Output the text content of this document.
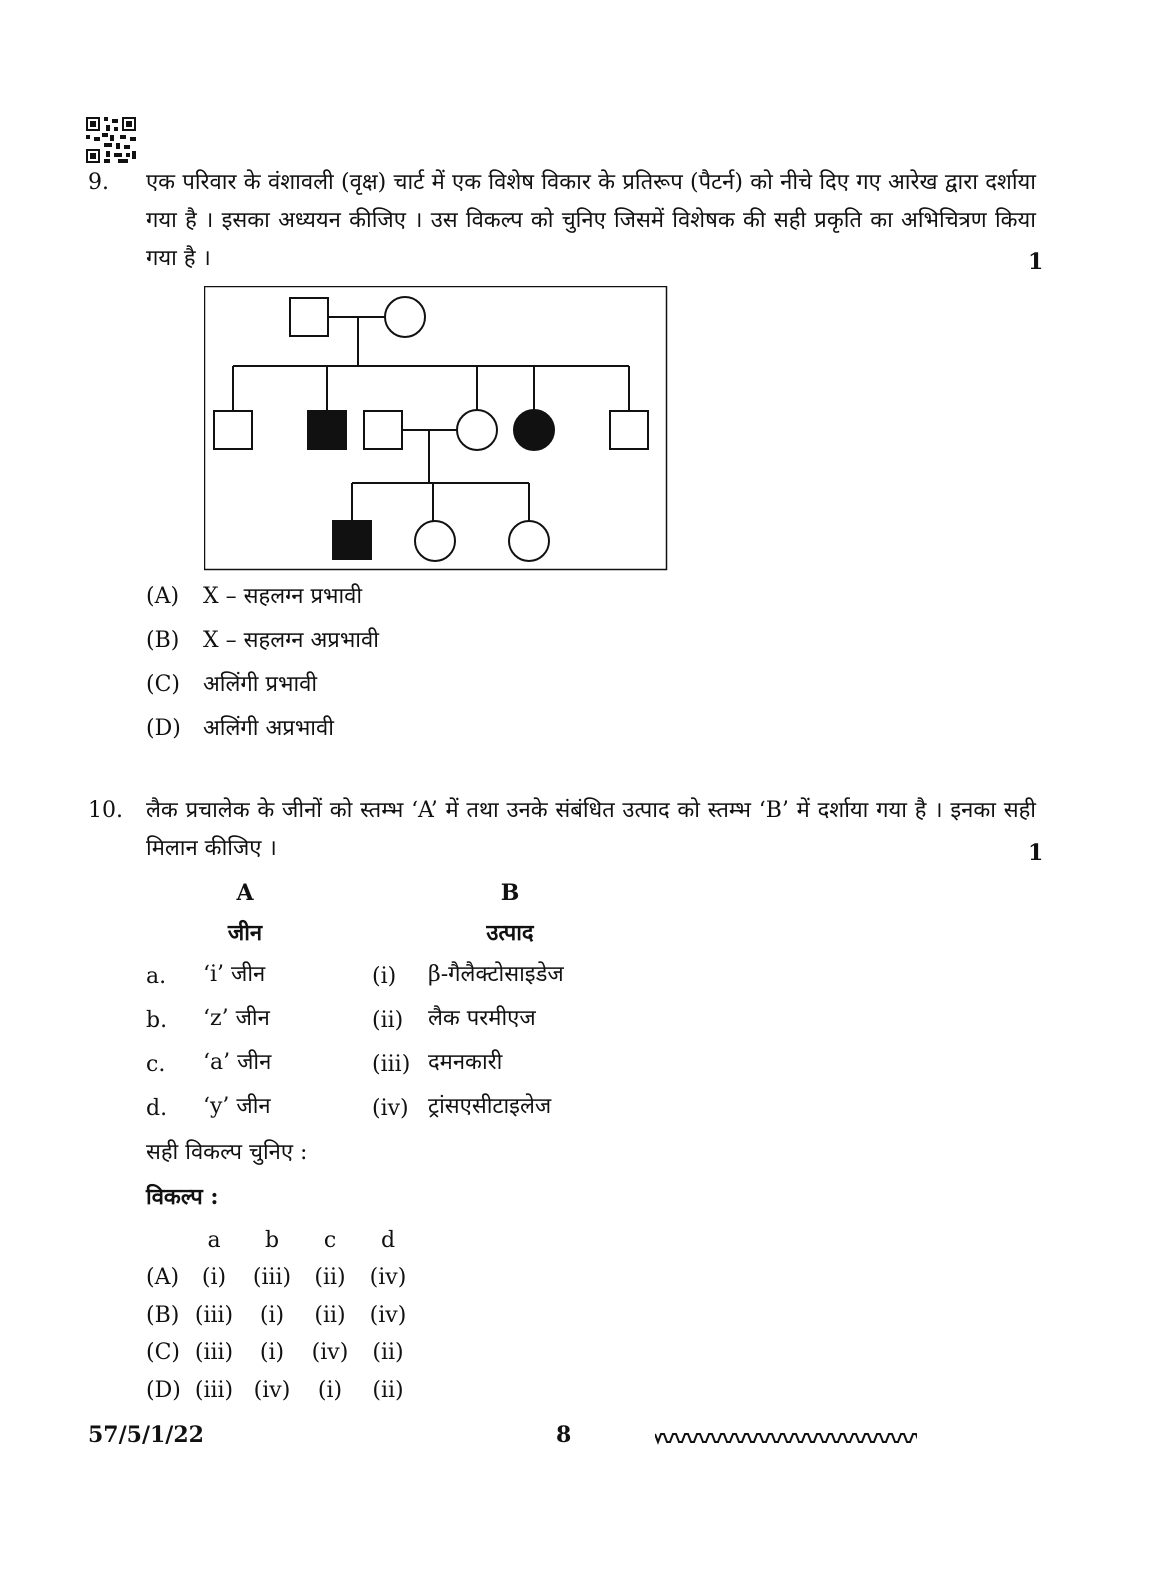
9. एक परिवार के वंशावली (वृक्ष) चार्ट में एक विशेष विकार के प्रतिरूप (पैटर्न) को नीचे दिए गए आरेख द्वारा दर्शाया गया है । इसका अध्ययन कीजिए । उस विकल्प को चुनिए जिसमें विशेषक की सही प्रकृति का अभिचित्रण किया गया है ।	1
(A) X – सहलग्न प्रभावी
(B) X – सहलग्न अप्रभावी
(C) अलिंगी प्रभावी
(D) अलिंगी अप्रभावी
10. लैक प्रचालेक के जीनों को स्तम्भ ‘A’ में तथा उनके संबंधित उत्पाद को स्तम्भ ‘B’ में दर्शाया गया है । इनका सही मिलान कीजिए ।	1
A
जीन
B
उत्पाद
a. ‘i’ जीन	(i) β-गैलैक्टोसाइडेज
b. ‘z’ जीन	(ii) लैक परमीएज
c. ‘a’ जीन	(iii) दमनकारी
d. ‘y’ जीन	(iv) ट्रांसएसीटाइलेज
सही विकल्प चुनिए :
विकल्प :
a	b	c	d
(A)	(i)	(iii)	(ii)	(iv)
(B) (iii)	(i)	(ii)	(iv)
(C) (iii)	(i)	(iv)	(ii)
(D) (iii) (iv)	(i)	(ii)
57/5/1/22	8
